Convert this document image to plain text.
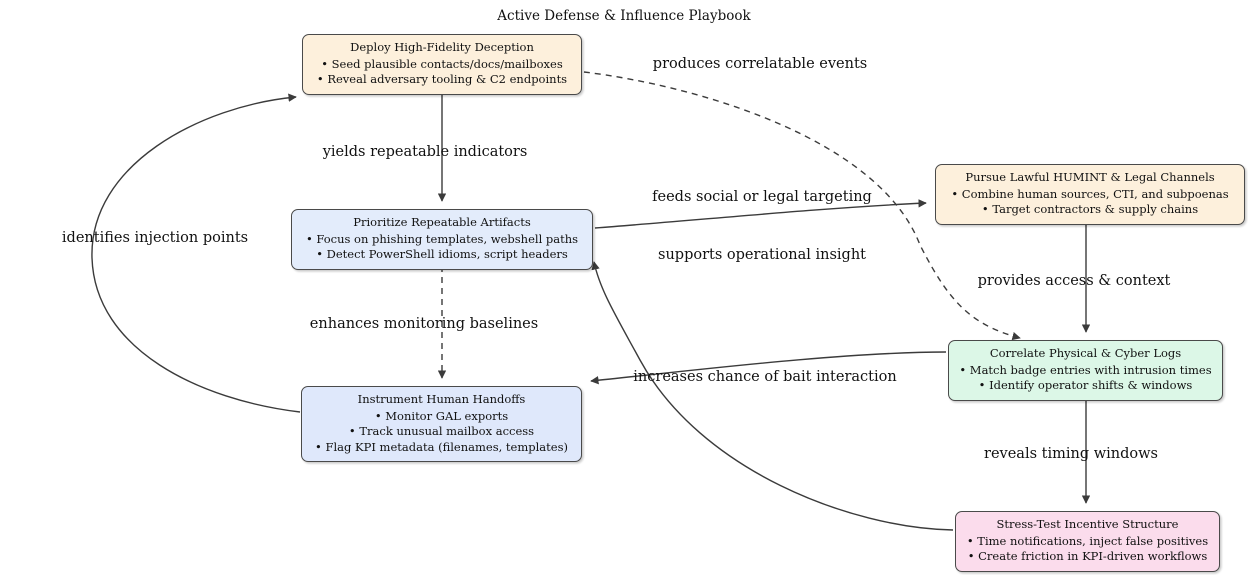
Active Defense & Influence Playbook
Deploy High-Fidelity Deception
• Seed plausible contacts/docs/mailboxes
• Reveal adversary tooling & C2 endpoints
Prioritize Repeatable Artifacts
• Focus on phishing templates, webshell paths
• Detect PowerShell idioms, script headers
Instrument Human Handoffs
• Monitor GAL exports
• Track unusual mailbox access
• Flag KPI metadata (filenames, templates)
Pursue Lawful HUMINT & Legal Channels
• Combine human sources, CTI, and subpoenas
• Target contractors & supply chains
Correlate Physical & Cyber Logs
• Match badge entries with intrusion times
• Identify operator shifts & windows
Stress-Test Incentive Structure
• Time notifications, inject false positives
• Create friction in KPI-driven workflows
yields repeatable indicators
enhances monitoring baselines
produces correlatable events
feeds social or legal targeting
supports operational insight
provides access & context
reveals timing windows
increases chance of bait interaction
identifies injection points
